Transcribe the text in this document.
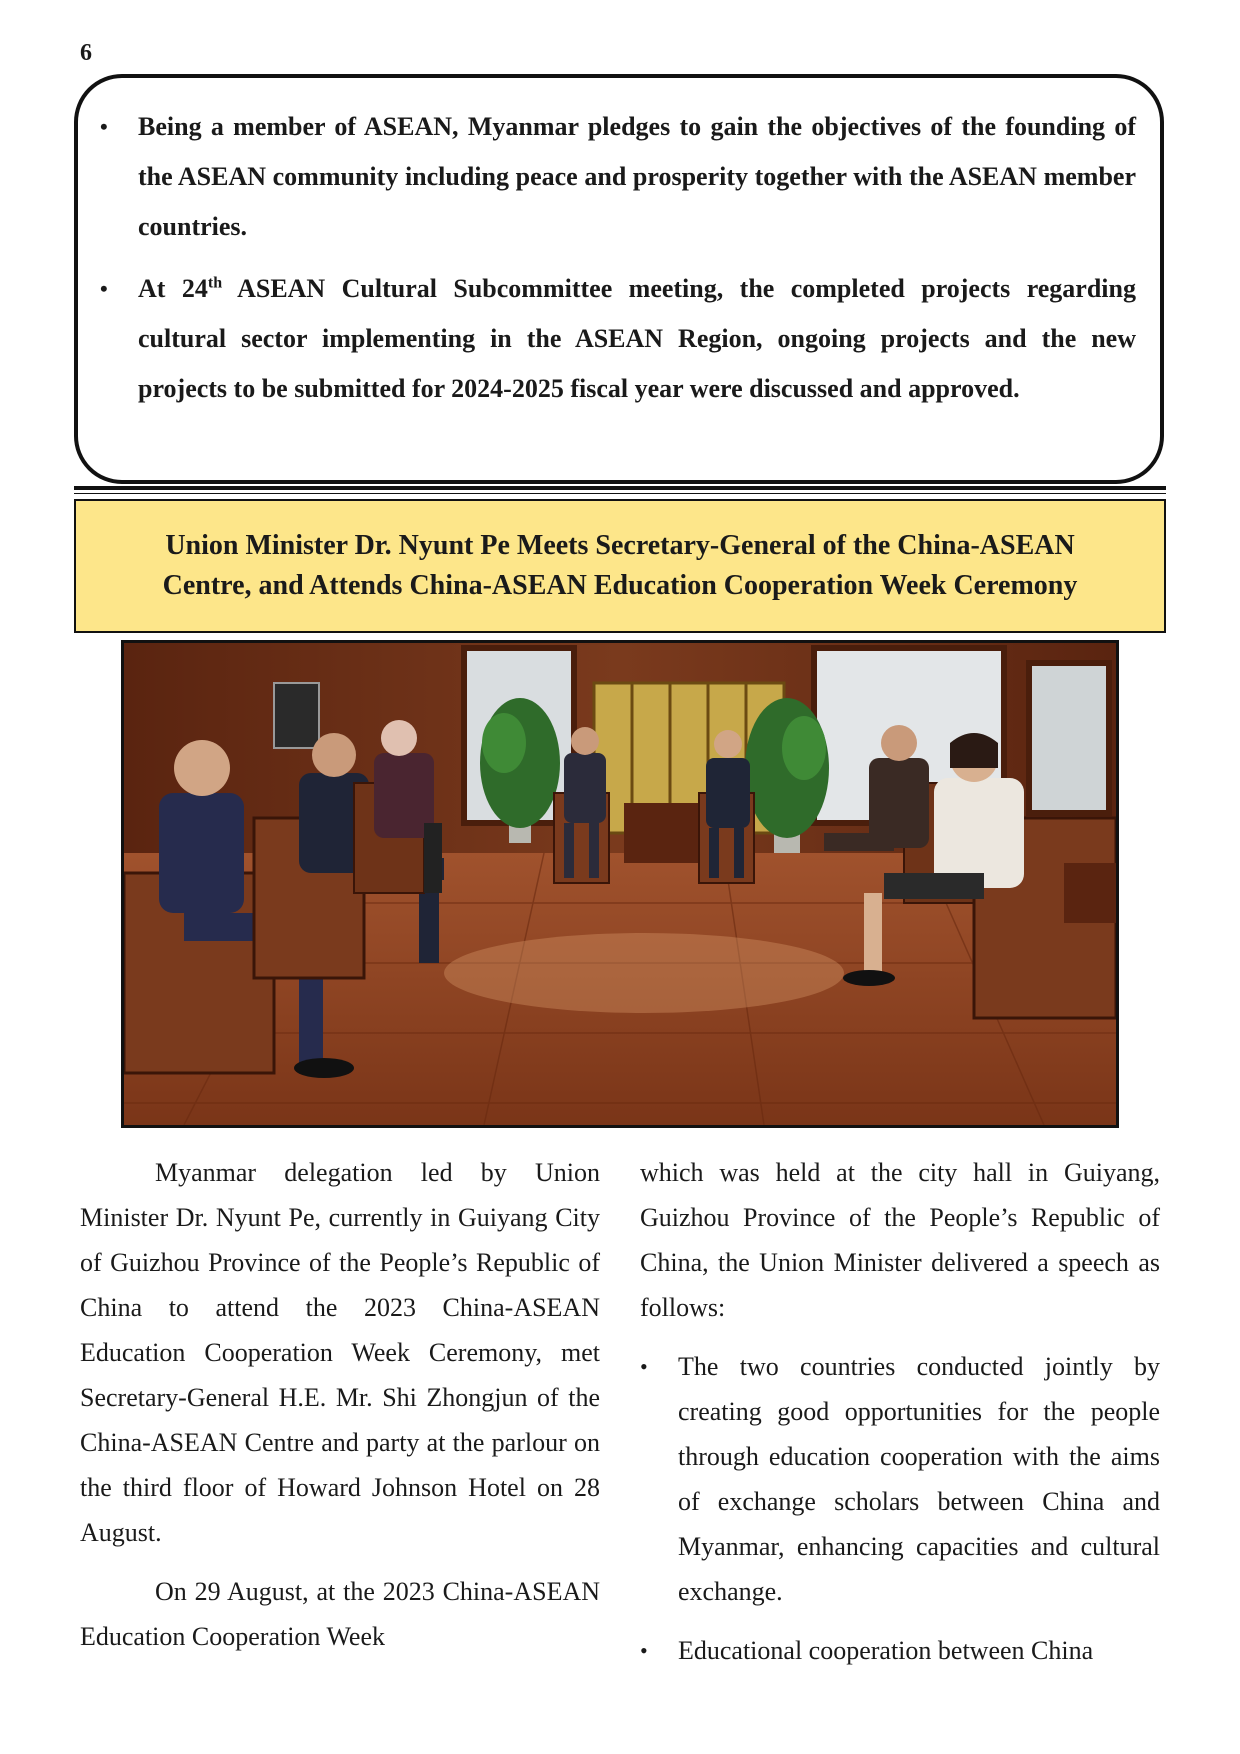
6
• Being a member of ASEAN, Myanmar pledges to gain the objectives of the founding of the ASEAN community including peace and prosperity together with the ASEAN member countries.
• At 24th ASEAN Cultural Subcommittee meeting, the completed projects regarding cultural sector implementing in the ASEAN Region, ongoing projects and the new projects to be submitted for 2024-2025 fiscal year were discussed and approved.
Union Minister Dr. Nyunt Pe Meets Secretary-General of the China-ASEAN
Centre, and Attends China-ASEAN Education Cooperation Week Ceremony

Myanmar delegation led by Union Minister Dr. Nyunt Pe, currently in Guiyang City of Guizhou Province of the People’s Republic of China to attend the 2023 China-ASEAN Education Cooperation Week Ceremony, met Secretary-General H.E. Mr. Shi Zhongjun of the China-ASEAN Centre and party at the parlour on the third floor of Howard Johnson Hotel on 28 August.

On 29 August, at the 2023 China-ASEAN Education Cooperation Week

which was held at the city hall in Guiyang, Guizhou Province of the People’s Republic of China, the Union Minister delivered a speech as follows:

• The two countries conducted jointly by creating good opportunities for the people through education cooperation with the aims of exchange scholars between China and Myanmar, enhancing capacities and cultural exchange.
• Educational cooperation between China
